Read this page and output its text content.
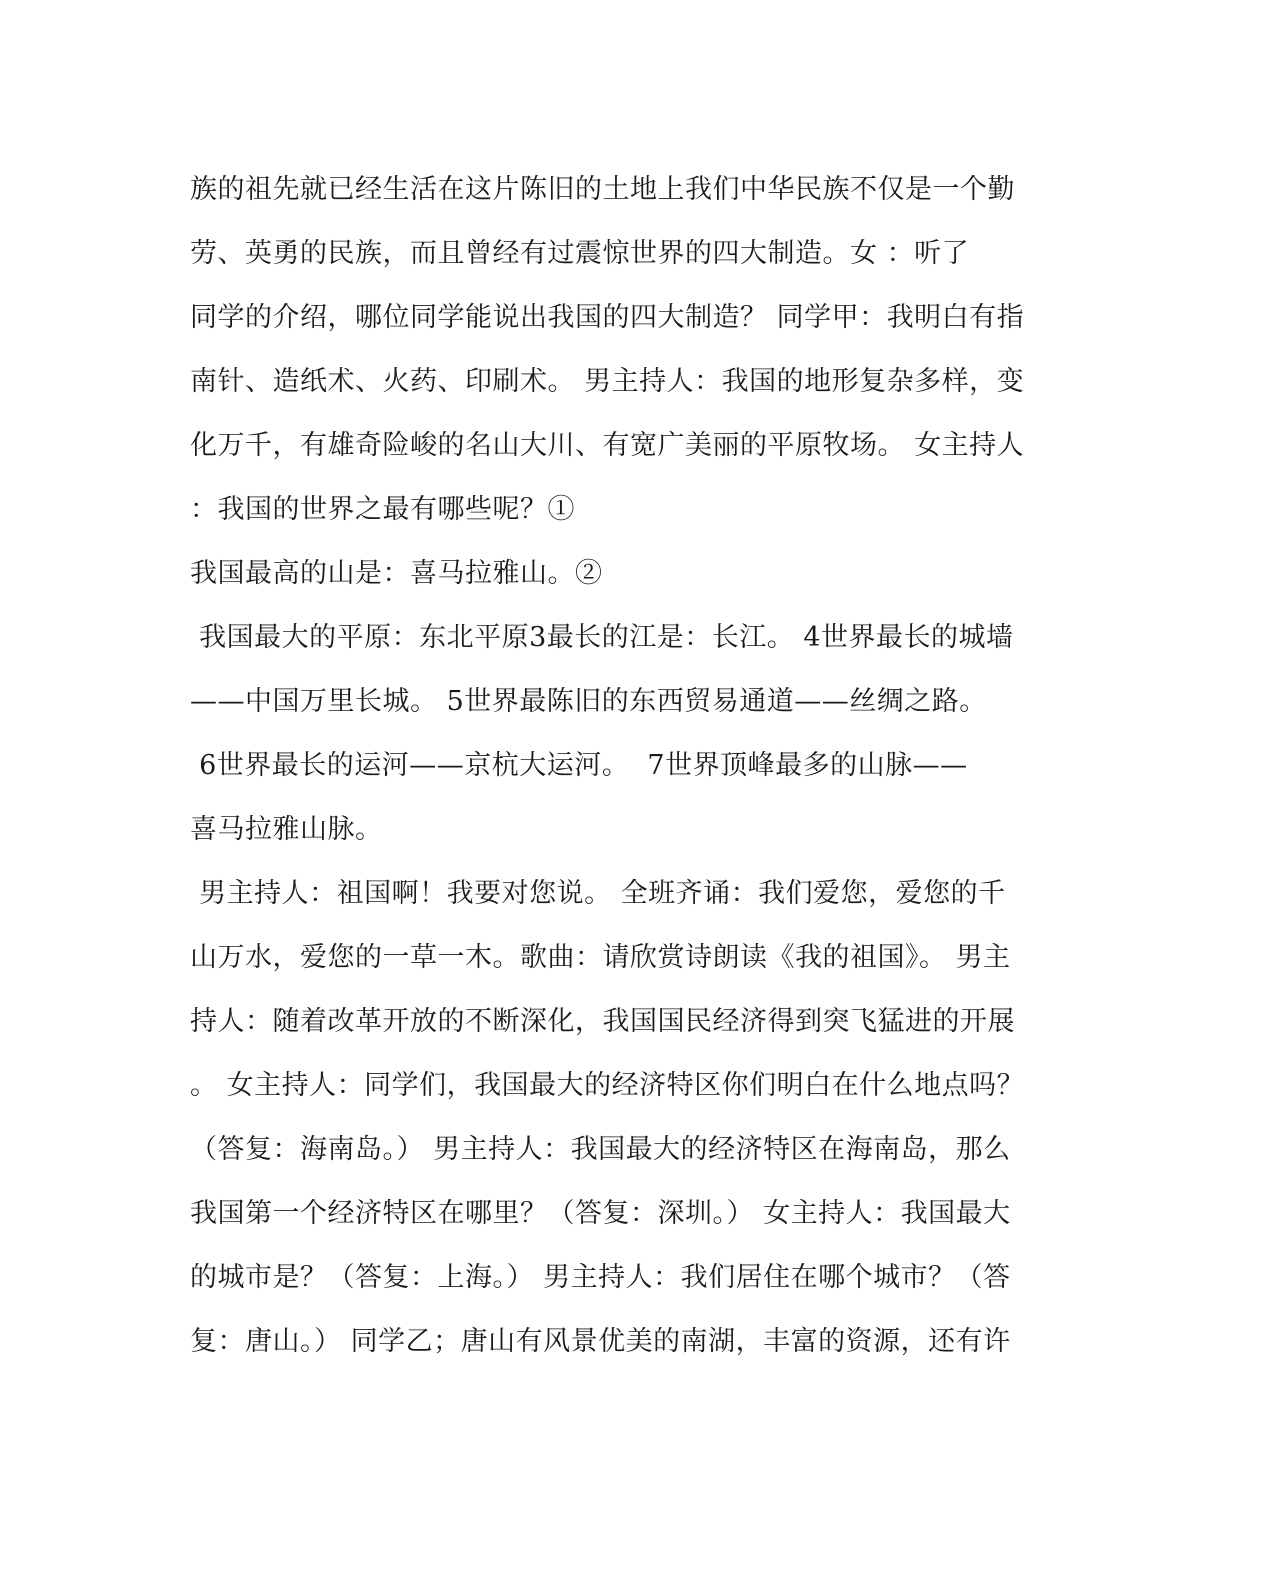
族的祖先就已经生活在这片陈旧的土地上我们中华民族不仅是一个勤
劳、英勇的民族，而且曾经有过震惊世界的四大制造。女 ：听了
同学的介绍，哪位同学能说出我国的四大制造？ 同学甲：我明白有指
南针、造纸术、火药、印刷术。 男主持人：我国的地形复杂多样，变
化万千，有雄奇险峻的名山大川、有宽广美丽的平原牧场。 女主持人
：我国的世界之最有哪些呢？①
我国最高的山是：喜马拉雅山。②
我国最大的平原：东北平原3最长的江是：长江。 4世界最长的城墙
——中国万里长城。 5世界最陈旧的东西贸易通道——丝绸之路。
6世界最长的运河——京杭大运河。  7世界顶峰最多的山脉——
喜马拉雅山脉。
男主持人：祖国啊！我要对您说。 全班齐诵：我们爱您，爱您的千
山万水，爱您的一草一木。歌曲：请欣赏诗朗读《我的祖国》。 男主
持人：随着改革开放的不断深化，我国国民经济得到突飞猛进的开展
。 女主持人：同学们，我国最大的经济特区你们明白在什么地点吗？
（答复：海南岛。） 男主持人：我国最大的经济特区在海南岛，那么
我国第一个经济特区在哪里？（答复：深圳。） 女主持人：我国最大
的城市是？（答复：上海。） 男主持人：我们居住在哪个城市？（答
复：唐山。） 同学乙；唐山有风景优美的南湖，丰富的资源，还有许
